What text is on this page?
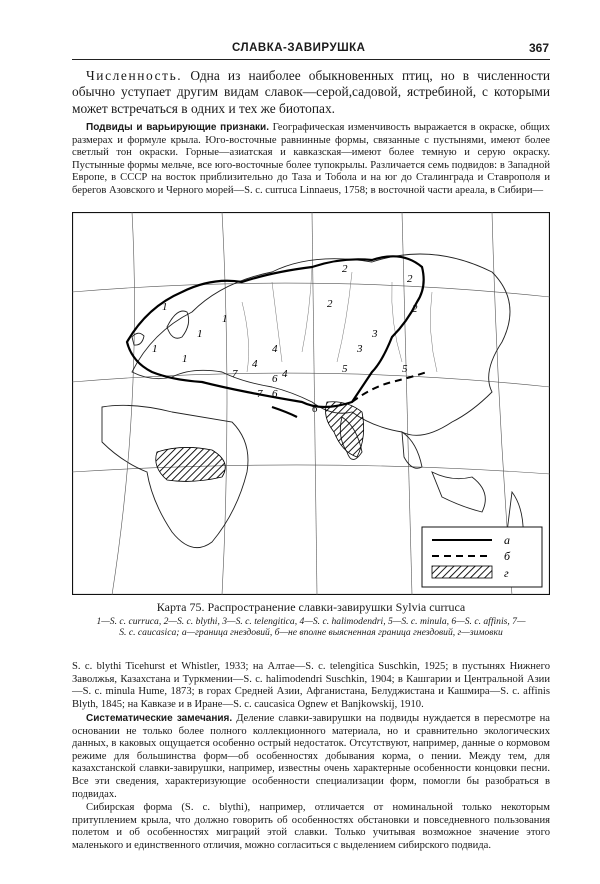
СЛАВКА-ЗАВИРУШКА	367
Численность. Одна из наиболее обыкновенных птиц, но в численности обычно уступает другим видам славок—серой,садовой, ястребиной, с которыми может встречаться в одних и тех же биотопах.
Подвиды и варьирующие признаки. Географическая изменчивость выражается в окраске, общих размерах и формуле крыла. Юго-восточные равнинные формы, связанные с пустынями, имеют более светлый тон окраски. Горные—азиатская и кавказская—имеют более темную и серую окраску. Пустынные формы мельче, все юго-восточные более тупокрылы. Различается семь подвидов: в Западной Европе, в СССР на восток приблизительно до Таза и Тобола и на юг до Сталинграда и Ставрополя и берегов Азовского и Черного морей—S. c. curruca Linnaeus, 1758; в восточной части ареала, в Сибири—
1
1
1
1
1
2
2
2
2
3
3
4
4
4	5	5
6
6
7
7 6
а
б
г
Карта 75. Распространение славки-завирушки Sylvia curruca
1—S. c. curruca, 2—S. c. blythi, 3—S. c. telengitica, 4—S. c. halimodendri, 5—S. c. minula, 6—S. c. affinis, 7—S. c. caucasica; а—граница гнездовий, б—не вполне выясненная граница гнездовий, г—зимовки
S. c. blythi Ticehurst et Whistler, 1933; на Алтае—S. c. telengitica Suschkin, 1925; в пустынях Нижнего Заволжья, Казахстана и Туркмении—S. c. halimodendri Suschkin, 1904; в Кашгарии и Центральной Азии—S. c. minula Hume, 1873; в горах Средней Азии, Афганистана, Белуджистана и Кашмира—S. c. affinis Blyth, 1845; на Кавказе и в Иране—S. c. caucasica Ognew et Banjkowskij, 1910.
Систематические замечания. Деление славки-завирушки на подвиды нуждается в пересмотре на основании не только более полного коллекционного материала, но и сравнительно экологических данных, в каковых ощущается особенно острый недостаток. Отсутствуют, например, данные о кормовом режиме для большинства форм—об особенностях добывания корма, о пении. Между тем, для казахстанской славки-завирушки, например, известны очень характерные особенности концовки песни. Все эти сведения, характеризующие особенности специализации форм, помогли бы разобраться в подвидах.
Сибирская форма (S. c. blythi), например, отличается от номинальной только некоторым притуплением крыла, что должно говорить об особенностях обстановки и повседневного пользования полетом и об особенностях миграций этой славки. Только учитывая возможное значение этого маленького и единственного отличия, можно согласиться с выделением сибирского подвида.
